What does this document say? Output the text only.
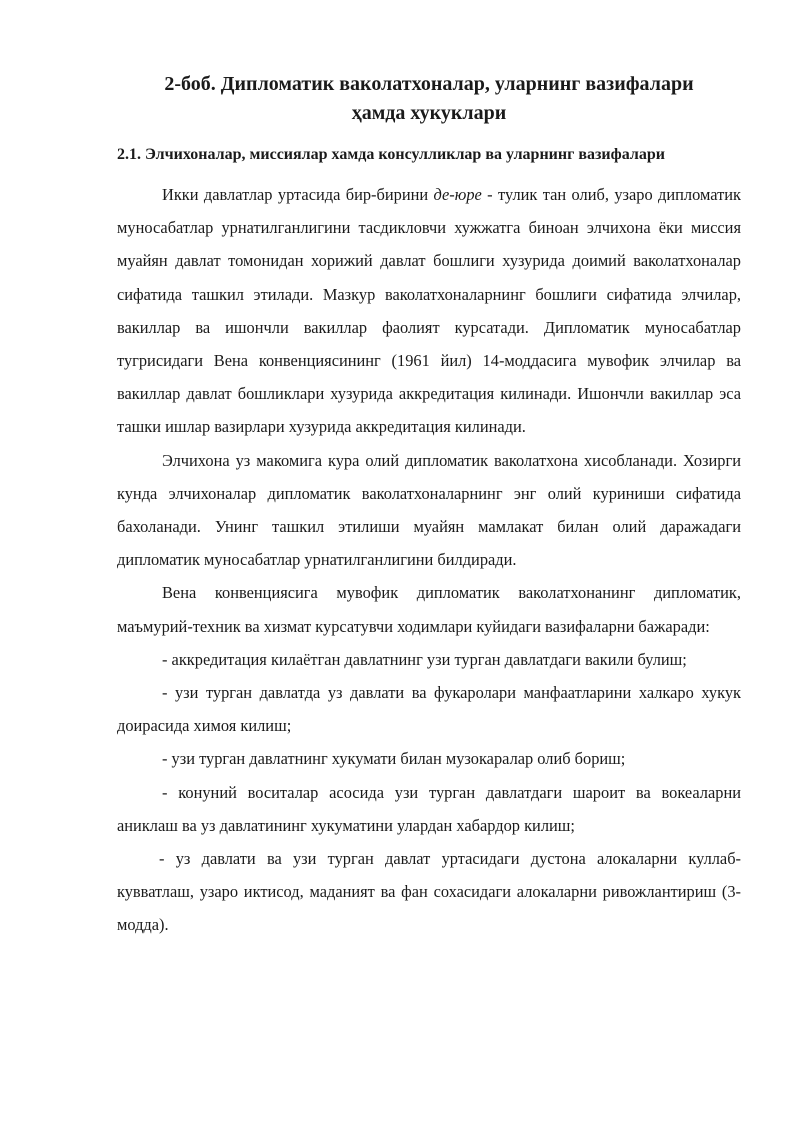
2-боб. Дипломатик ваколатхоналар, уларнинг вазифалари
ҳамда хукуклари
2.1. Элчихоналар, миссиялар хамда консулликлар ва уларнинг вазифалари

Икки давлатлар уртасида бир-бирини де-юре - тулик тан олиб, узаро дипломатик муносабатлар урнатилганлигини тасдикловчи хужжатга биноан элчихона ёки миссия муайян давлат томонидан хорижий давлат бошлиги хузурида доимий ваколатхоналар сифатида ташкил этилади. Мазкур ваколатхоналарнинг бошлиги сифатида элчилар, вакиллар ва ишончли вакиллар фаолият курсатади. Дипломатик муносабатлар тугрисидаги Вена конвенциясининг (1961 йил) 14-моддасига мувофик элчилар ва вакиллар давлат бошликлари хузурида аккредитация килинади. Ишончли вакиллар эса ташки ишлар вазирлари хузурида аккредитация килинади.

Элчихона уз макомига кура олий дипломатик ваколатхона хисобланади. Хозирги кунда элчихоналар дипломатик ваколатхоналарнинг энг олий куриниши сифатида бахоланади. Унинг ташкил этилиши муайян мамлакат билан олий даражадаги дипломатик муносабатлар урнатилганлигини билдиради.

Вена конвенциясига мувофик дипломатик ваколатхонанинг дипломатик, маъмурий-техник ва хизмат курсатувчи ходимлари куйидаги вазифаларни бажаради:

- аккредитация килаётган давлатнинг узи турган давлатдаги вакили булиш;

- узи турган давлатда уз давлати ва фукаролари манфаатларини халкаро хукук доирасида химоя килиш;

- узи турган давлатнинг хукумати билан музокаралар олиб бориш;

- конуний воситалар асосида узи турган давлатдаги шароит ва вокеаларни аниклаш ва уз давлатининг хукуматини улардан хабардор килиш;

- уз давлати ва узи турган давлат уртасидаги дустона алокаларни куллаб-кувватлаш, узаро иктисод, маданият ва фан сохасидаги алокаларни ривожлантириш (3-модда).
